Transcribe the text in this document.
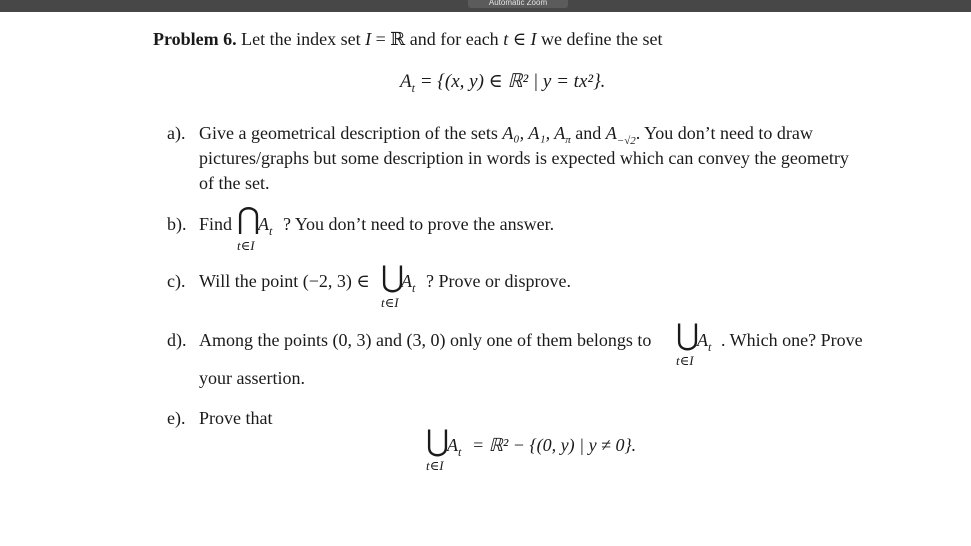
Automatic Zoom
Problem 6. Let the index set I = ℝ and for each t ∈ I we define the set
$A_t = \{(x$, y) ∈ ℝ² | y = tx²}.
a). Give a geometrical description of the sets A₀, A₁, $A_\pi$ and $A_{-√2}$. You don’t need to draw
pictures/graphs but some description in words is expected which can convey the geometry
of the set.
b). Find ⋂
$A_t$ ? You don’t need to prove the answer.
t∈I
c). Will the point (−2, 3) ∈ ⋃
$A_t$ ? Prove or disprove.
t∈I
d). Among the points (0, 3) and (3, 0) only one of them belongs to ⋃
$A_t$ . Which one? Prove
t∈I
your assertion.
e). Prove that
⋃
$A_t$ = ℝ² − {(0, y) | y ≠ 0}.
t∈I
